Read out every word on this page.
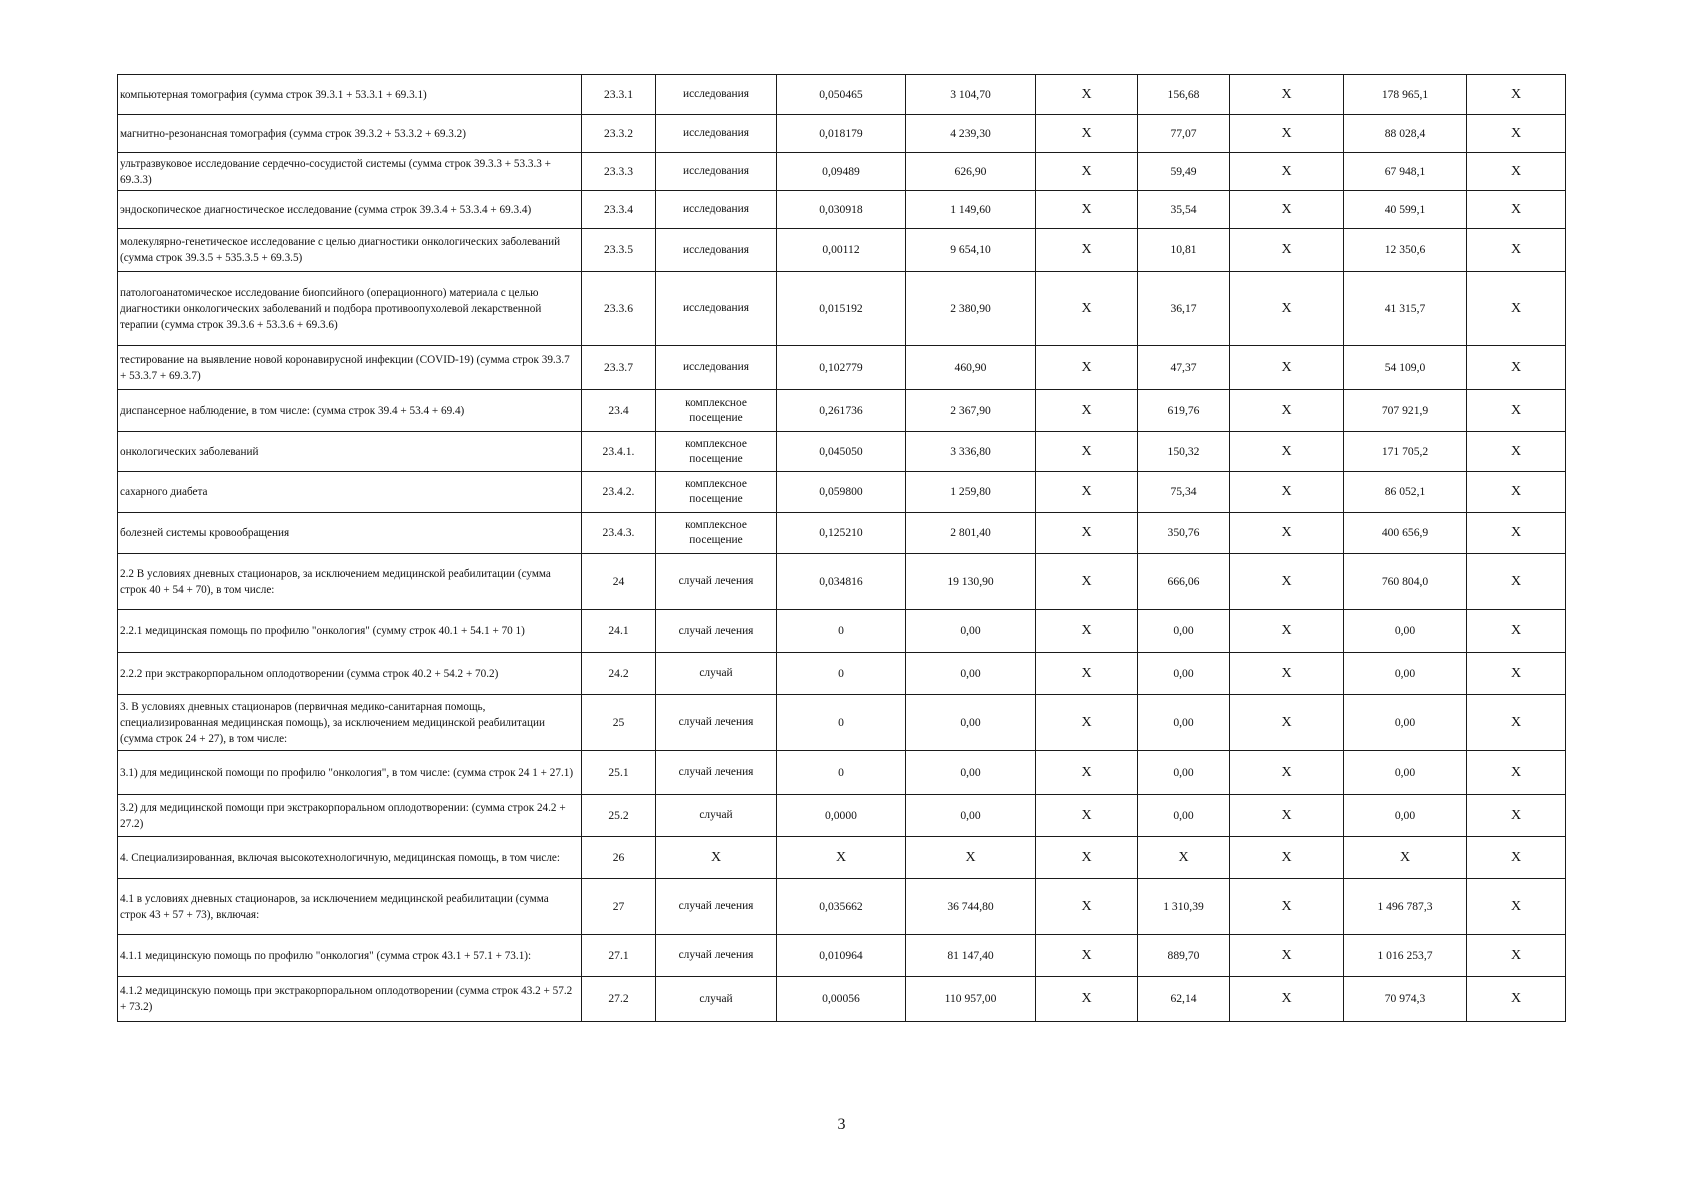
компьютерная томография (сумма строк 39.3.1 + 53.3.1 + 69.3.1)	23.3.1	исследования	0,050465	3 104,70	X	156,68	X	178 965,1	X
магнитно-резонансная томография (сумма строк 39.3.2 + 53.3.2 + 69.3.2)	23.3.2	исследования	0,018179	4 239,30	X	77,07	X	88 028,4	X
ультразвуковое исследование сердечно-сосудистой системы (сумма строк 39.3.3 + 53.3.3 + 69.3.3)	23.3.3	исследования	0,09489	626,90	X	59,49	X	67 948,1	X
эндоскопическое диагностическое исследование (сумма строк 39.3.4 + 53.3.4 + 69.3.4)	23.3.4	исследования	0,030918	1 149,60	X	35,54	X	40 599,1	X
молекулярно-генетическое исследование с целью диагностики онкологических заболеваний (сумма строк 39.3.5 + 535.3.5 + 69.3.5)	23.3.5	исследования	0,00112	9 654,10	X	10,81	X	12 350,6	X
патологоанатомическое исследование биопсийного (операционного) материала с целью диагностики онкологических заболеваний и подбора противоопухолевой лекарственной терапии (сумма строк 39.3.6 + 53.3.6 + 69.3.6)	23.3.6	исследования	0,015192	2 380,90	X	36,17	X	41 315,7	X
тестирование на выявление новой коронавирусной инфекции (COVID-19) (сумма строк 39.3.7 + 53.3.7 + 69.3.7)	23.3.7	исследования	0,102779	460,90	X	47,37	X	54 109,0	X
диспансерное наблюдение, в том числе: (сумма строк 39.4 + 53.4 + 69.4)	23.4	комплексное посещение	0,261736	2 367,90	X	619,76	X	707 921,9	X
онкологических заболеваний	23.4.1.	комплексное посещение	0,045050	3 336,80	X	150,32	X	171 705,2	X
сахарного диабета	23.4.2.	комплексное посещение	0,059800	1 259,80	X	75,34	X	86 052,1	X
болезней системы кровообращения	23.4.3.	комплексное посещение	0,125210	2 801,40	X	350,76	X	400 656,9	X
2.2 В условиях дневных стационаров, за исключением медицинской реабилитации (сумма строк 40 + 54 + 70), в том числе:	24	случай лечения	0,034816	19 130,90	X	666,06	X	760 804,0	X
2.2.1 медицинская помощь по профилю "онкология" (сумму строк 40.1 + 54.1 + 70 1)	24.1	случай лечения	0	0,00	X	0,00	X	0,00	X
2.2.2 при экстракорпоральном оплодотворении (сумма строк 40.2 + 54.2 + 70.2)	24.2	случай	0	0,00	X	0,00	X	0,00	X
3. В условиях дневных стационаров (первичная медико-санитарная помощь, специализированная медицинская помощь), за исключением медицинской реабилитации (сумма строк 24 + 27), в том числе:	25	случай лечения	0	0,00	X	0,00	X	0,00	X
3.1) для медицинской помощи по профилю "онкология", в том числе: (сумма строк 24 1 + 27.1)	25.1	случай лечения	0	0,00	X	0,00	X	0,00	X
3.2) для медицинской помощи при экстракорпоральном оплодотворении: (сумма строк 24.2 + 27.2)	25.2	случай	0,0000	0,00	X	0,00	X	0,00	X
4. Специализированная, включая высокотехнологичную, медицинская помощь, в том числе:	26	X	X	X	X	X	X	X	X
4.1 в условиях дневных стационаров, за исключением медицинской реабилитации (сумма строк 43 + 57 + 73), включая:	27	случай лечения	0,035662	36 744,80	X	1 310,39	X	1 496 787,3	X
4.1.1 медицинскую помощь по профилю "онкология" (сумма строк 43.1 + 57.1 + 73.1):	27.1	случай лечения	0,010964	81 147,40	X	889,70	X	1 016 253,7	X
4.1.2 медицинскую помощь при экстракорпоральном оплодотворении (сумма строк 43.2 + 57.2 + 73.2)	27.2	случай	0,00056	110 957,00	X	62,14	X	70 974,3	X
3
